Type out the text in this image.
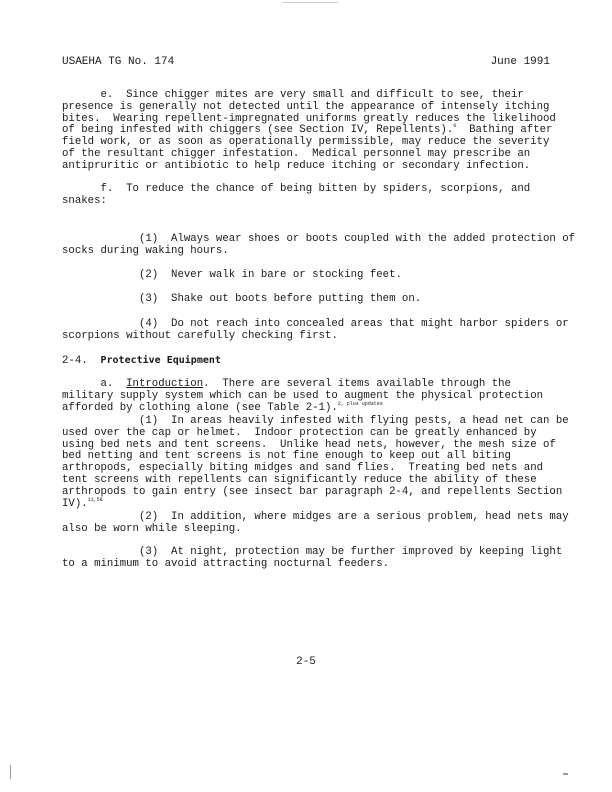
USAEHA TG No. 174	June 1991
e.  Since chigger mites are very small and difficult to see, their
presence is generally not detected until the appearance of intensely itching
bites.  Wearing repellent-impregnated uniforms greatly reduces the likelihood
of being infested with chiggers (see Section IV, Repellents).$^6$  Bathing after
field work, or as soon as operationally permissible, may reduce the severity
of the resultant chigger infestation.  Medical personnel may prescribe an
antipruritic or antibiotic to help reduce itching or secondary infection.
f.  To reduce the chance of being bitten by spiders, scorpions, and
snakes:
(1)  Always wear shoes or boots coupled with the added protection of
socks during waking hours.
(2)  Never walk in bare or stocking feet.
(3)  Shake out boots before putting them on.
(4)  Do not reach into concealed areas that might harbor spiders or
scorpions without carefully checking first.
2-4. Protective Equipment
a.  Introduction.  There are several items available through the
military supply system which can be used to augment the physical protection
afforded by clothing alone (see Table 2-1).$^{2, plus updates}$
(1)  In areas heavily infested with flying pests, a head net can be
used over the cap or helmet.  Indoor protection can be greatly enhanced by
using bed nets and tent screens.  Unlike head nets, however, the mesh size of
bed netting and tent screens is not fine enough to keep out all biting
arthropods, especially biting midges and sand flies.  Treating bed nets and
tent screens with repellents can significantly reduce the ability of these
arthropods to gain entry (see insect bar paragraph 2-4, and repellents Section
IV).$^{11,58}$
(2)  In addition, where midges are a serious problem, head nets may
also be worn while sleeping.
(3)  At night, protection may be further improved by keeping light
to a minimum to avoid attracting nocturnal feeders.
2-5
